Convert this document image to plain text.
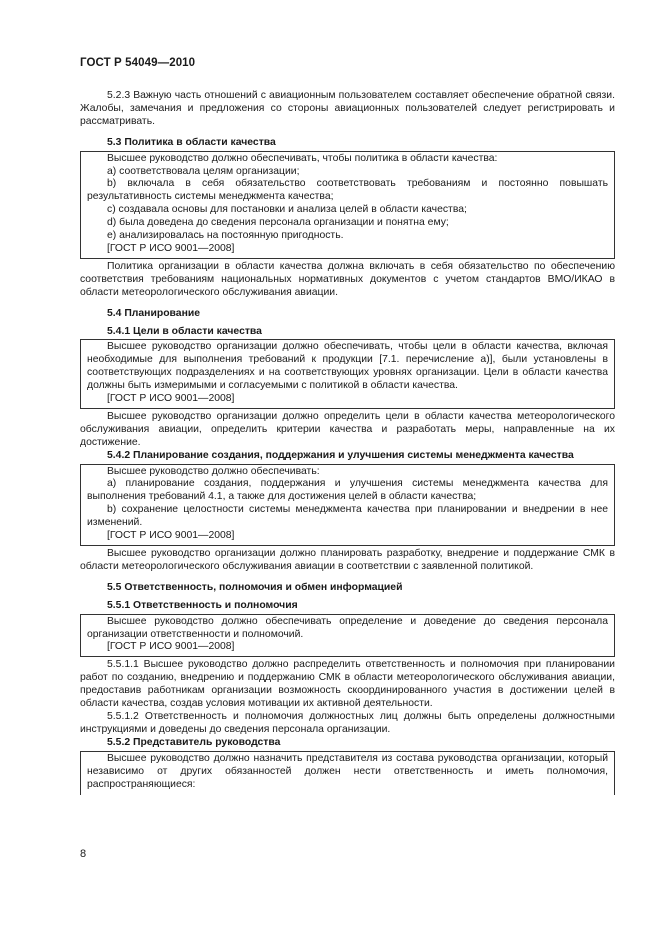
ГОСТ Р 54049—2010

5.2.3 Важную часть отношений с авиационным пользователем составляет обеспечение обратной связи. Жалобы, замечания и предложения со стороны авиационных пользователей следует регистрировать и рассматривать.

5.3 Политика в области качества

Высшее руководство должно обеспечивать, чтобы политика в области качества:

а) соответствовала целям организации;

b) включала в себя обязательство соответствовать требованиям и постоянно повышать результативность системы менеджмента качества;

c) создавала основы для постановки и анализа целей в области качества;

d) была доведена до сведения персонала организации и понятна ему;

e) анализировалась на постоянную пригодность.

[ГОСТ Р ИСО 9001—2008]

Политика организации в области качества должна включать в себя обязательство по обеспечению соответствия требованиям национальных нормативных документов с учетом стандартов ВМО/ИКАО в области метеорологического обслуживания авиации.

5.4 Планирование

5.4.1 Цели в области качества

Высшее руководство организации должно обеспечивать, чтобы цели в области качества, включая необходимые для выполнения требований к продукции [7.1. перечисление а)], были установлены в соответствующих подразделениях и на соответствующих уровнях организации. Цели в области качества должны быть измеримыми и согласуемыми с политикой в области качества.

[ГОСТ Р ИСО 9001—2008]

Высшее руководство организации должно определить цели в области качества метеорологического обслуживания авиации, определить критерии качества и разработать меры, направленные на их достижение.

5.4.2 Планирование создания, поддержания и улучшения системы менеджмента качества

Высшее руководство должно обеспечивать:

а) планирование создания, поддержания и улучшения системы менеджмента качества для выполнения требований 4.1, а также для достижения целей в области качества;

b) сохранение целостности системы менеджмента качества при планировании и внедрении в нее изменений.

[ГОСТ Р ИСО 9001—2008]

Высшее руководство организации должно планировать разработку, внедрение и поддержание СМК в области метеорологического обслуживания авиации в соответствии с заявленной политикой.

5.5 Ответственность, полномочия и обмен информацией

5.5.1 Ответственность и полномочия

Высшее руководство должно обеспечивать определение и доведение до сведения персонала организации ответственности и полномочий.

[ГОСТ Р ИСО 9001—2008]

5.5.1.1 Высшее руководство должно распределить ответственность и полномочия при планировании работ по созданию, внедрению и поддержанию СМК в области метеорологического обслуживания авиации, предоставив работникам организации возможность скоординированного участия в достижении целей в области качества, создав условия мотивации их активной деятельности.

5.5.1.2 Ответственность и полномочия должностных лиц должны быть определены должностными инструкциями и доведены до сведения персонала организации.

5.5.2 Представитель руководства

Высшее руководство должно назначить представителя из состава руководства организации, который независимо от других обязанностей должен нести ответственность и иметь полномочия, распространяющиеся:

8
